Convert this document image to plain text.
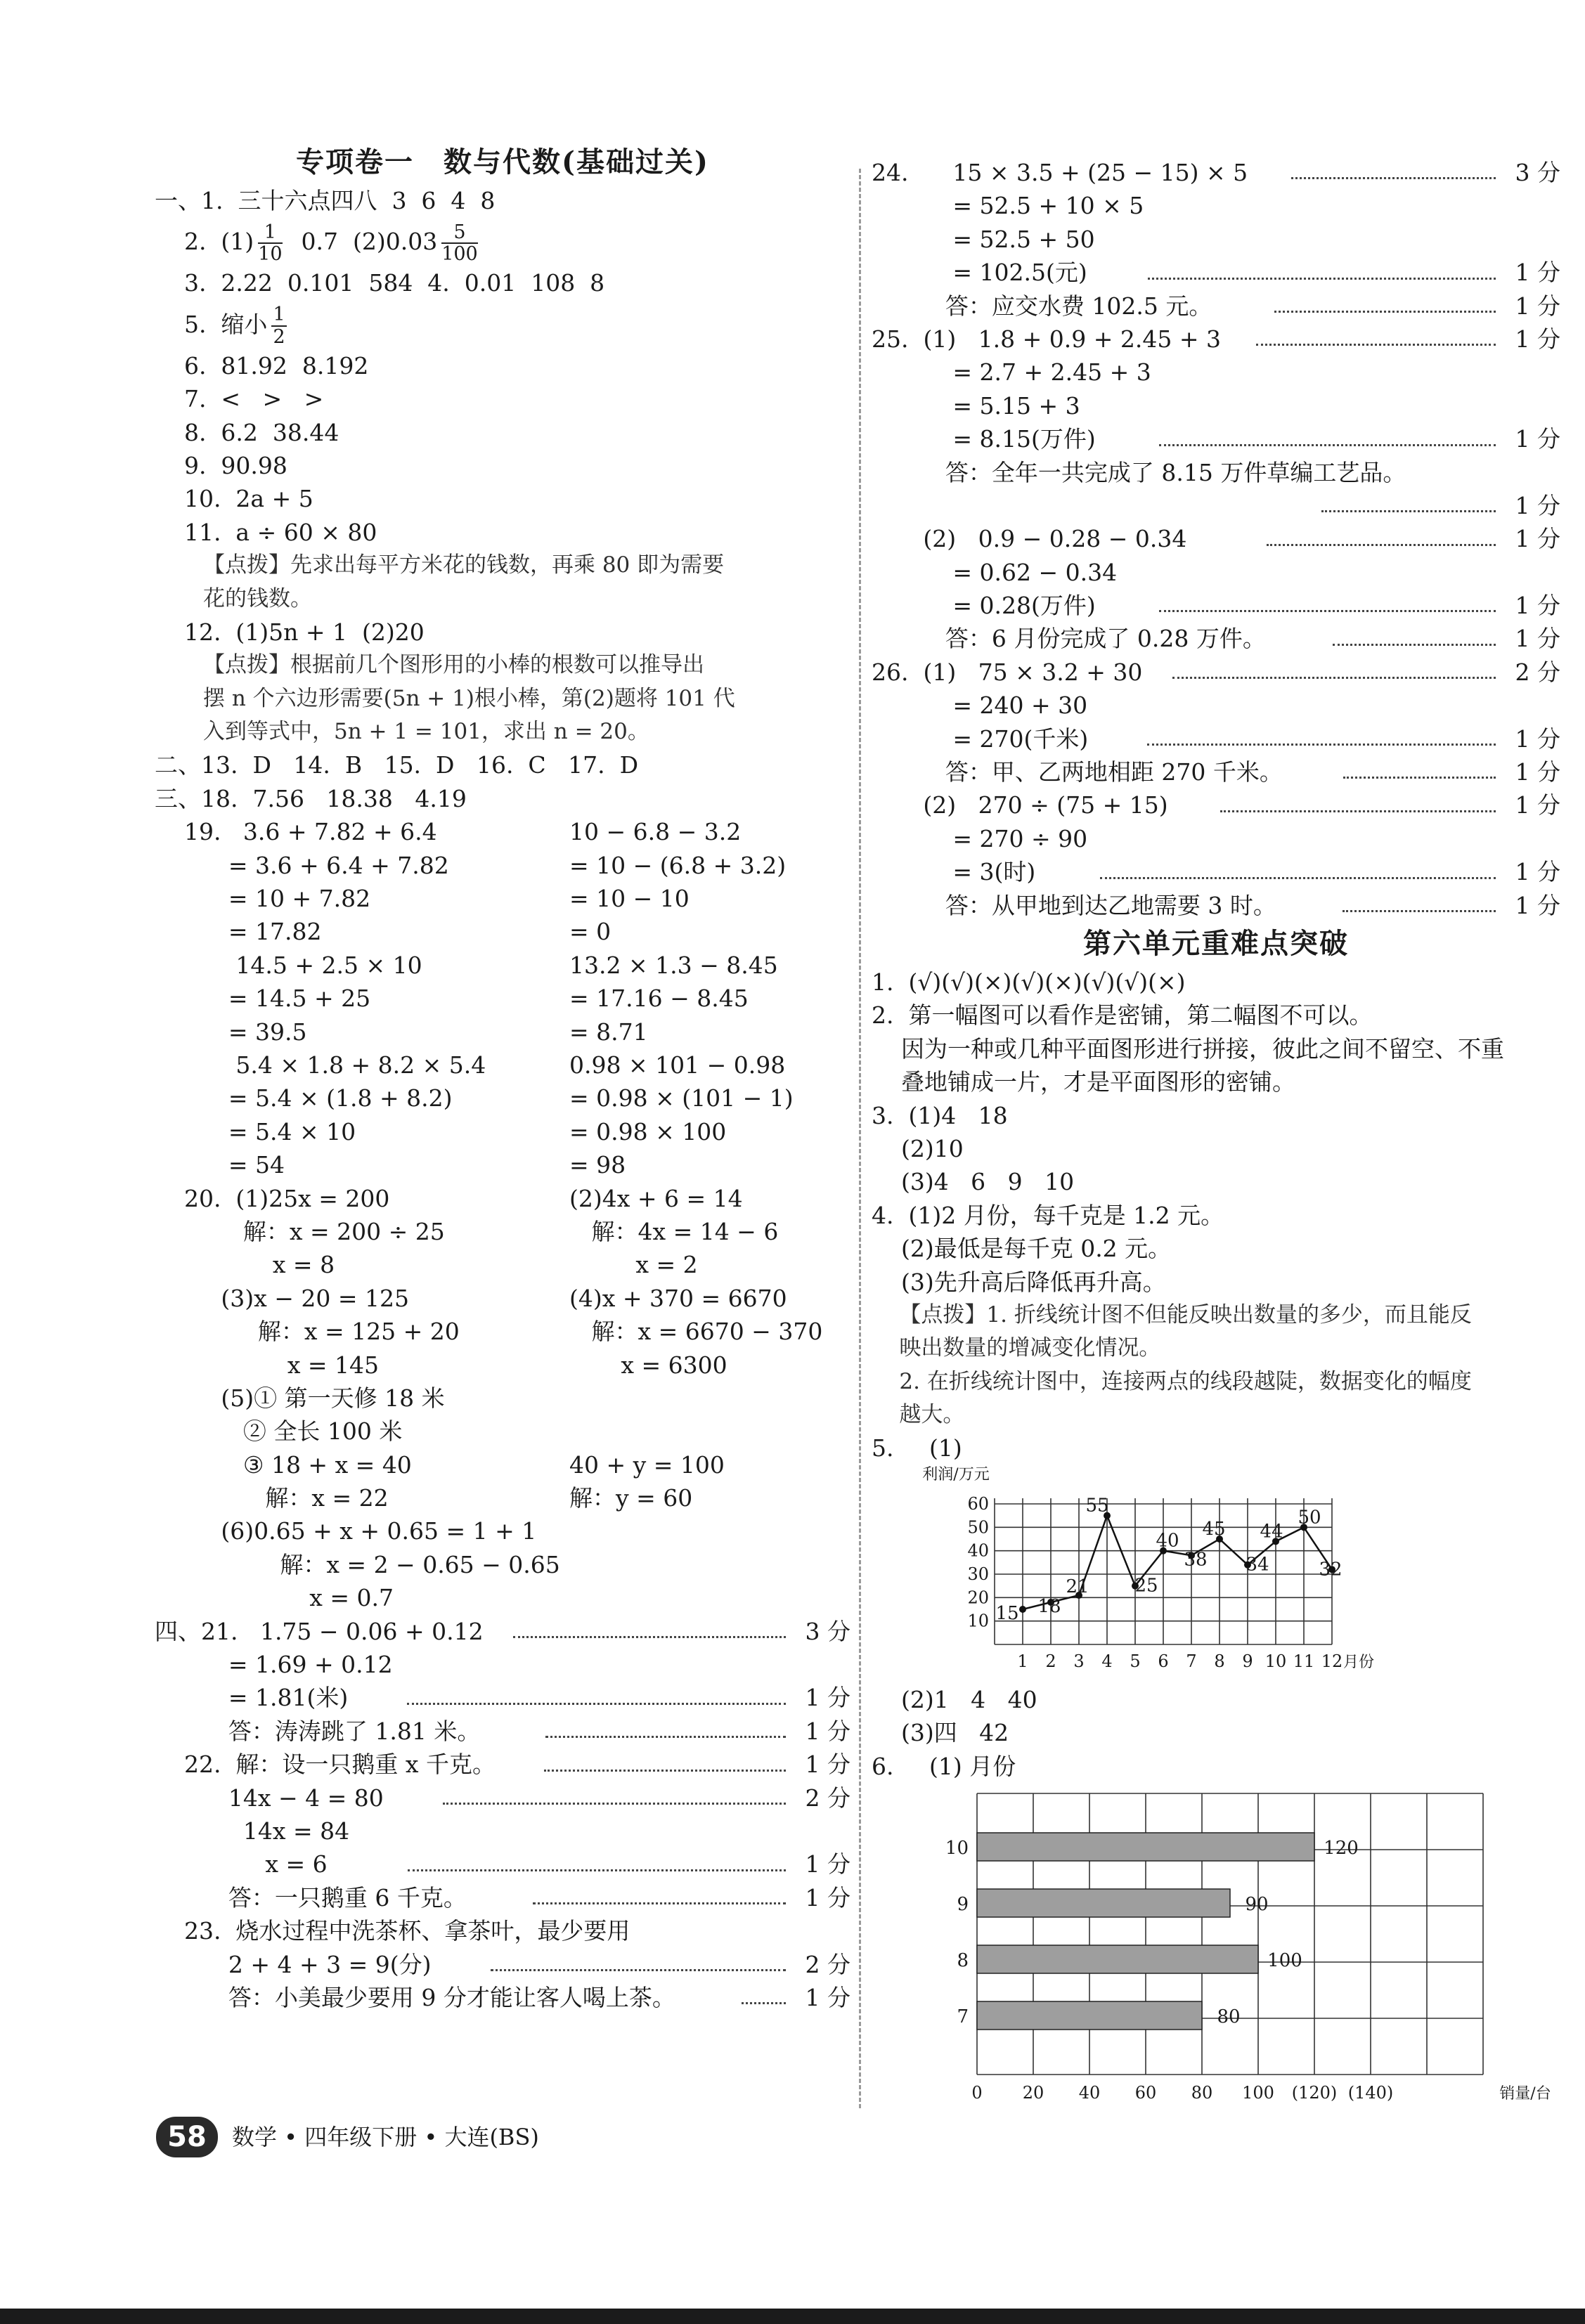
专项卷一　数与代数(基础过关)
一、1.  三十六点四八  3  6  4  8
2.  $(1) \frac{1}{10} 0.7$  $(2)0.03 \frac{5}{100}$
3.  2.22  0.101  584  4.  0.01  108  8
5.  缩小 $\frac{1}{2}$
6.  81.92  8.192
7.  <   >   >
8.  6.2  38.44
9.  90.98
10.  2a + 5
11.  a ÷ 60 × 80
【点拨】先求出每平方米花的钱数，再乘 80 即为需要
花的钱数。
12.  (1)5n + 1  (2)20
【点拨】根据前几个图形用的小棒的根数可以推导出
摆 n 个六边形需要(5n + 1)根小棒，第(2)题将 101 代
入到等式中，5n + 1 = 101，求出 n = 20。
二、13.  D   14.  B   15.  D   16.  C   17.  D
三、18.  7.56   18.38   4.19
19.   3.6 + 7.82 + 6.4	10 − 6.8 − 3.2
= 3.6 + 6.4 + 7.82	= 10 − (6.8 + 3.2)
= 10 + 7.82	= 10 − 10
= 17.82	= 0
14.5 + 2.5 × 10	13.2 × 1.3 − 8.45
= 14.5 + 25	= 17.16 − 8.45
= 39.5	= 8.71
5.4 × 1.8 + 8.2 × 5.4	0.98 × 101 − 0.98
= 5.4 × (1.8 + 8.2)	= 0.98 × (101 − 1)
= 5.4 × 10	= 0.98 × 100
= 54	= 98
20.  (1)25x = 200	(2)4x + 6 = 14
解：x = 200 ÷ 25	解：4x = 14 − 6
x = 8	x = 2
(3)x − 20 = 125	(4)x + 370 = 6670
解：x = 125 + 20	解：x = 6670 − 370
x = 145	x = 6300
(5)① 第一天修 18 米
② 全长 100 米
③ 18 + x = 40	40 + y = 100
解：x = 22	解：y = 60
(6)0.65 + x + 0.65 = 1 + 1
解：x = 2 − 0.65 − 0.65
x = 0.7
四、21.   1.75 − 0.06 + 0.12	3 分
= 1.69 + 0.12
= 1.81(米)	1 分
答：涛涛跳了 1.81 米。	1 分
22.  解：设一只鹅重 x 千克。	1 分
14x − 4 = 80	2 分
14x = 84
x = 6	1 分
答：一只鹅重 6 千克。	1 分
23.  烧水过程中洗茶杯、拿茶叶，最少要用
2 + 4 + 3 = 9(分)	2 分
答：小美最少要用 9 分才能让客人喝上茶。	1 分
24.      15 × 3.5 + (25 − 15) × 5	3 分
= 52.5 + 10 × 5
= 52.5 + 50
= 102.5(元)	1 分
答：应交水费 102.5 元。	1 分
25.  (1)   1.8 + 0.9 + 2.45 + 3	1 分
= 2.7 + 2.45 + 3
= 5.15 + 3
= 8.15(万件)	1 分
答：全年一共完成了 8.15 万件草编工艺品。
1 分
(2)   0.9 − 0.28 − 0.34	1 分
= 0.62 − 0.34
= 0.28(万件)	1 分
答：6 月份完成了 0.28 万件。	1 分
26.  (1)   75 × 3.2 + 30	2 分
= 240 + 30
= 270(千米)	1 分
答：甲、乙两地相距 270 千米。	1 分
(2)   270 ÷ (75 + 15)	1 分
= 270 ÷ 90
= 3(时)	1 分
答：从甲地到达乙地需要 3 时。	1 分
第六单元重难点突破
1.  (√)(√)(×)(√)(×)(√)(√)(×)
2.  第一幅图可以看作是密铺，第二幅图不可以。
因为一种或几种平面图形进行拼接，彼此之间不留空、不重
叠地铺成一片，才是平面图形的密铺。
3.  (1)4   18
(2)10
(3)4   6   9   10
4.  (1)2 月份，每千克是 1.2 元。
(2)最低是每千克 0.2 元。
(3)先升高后降低再升高。
【点拨】1. 折线统计图不但能反映出数量的多少，而且能反
映出数量的增减变化情况。
2. 在折线统计图中，连接两点的线段越陡，数据变化的幅度
越大。
5. (1)
利润/万元
10
20
30
40
50
60
1 2 3 4 5 6 7 8 9 10 11 12 月份
15 18
21
55
25
40
38
45
34
44
50
32
(2)1   4   40
(3)四   42
6. (1) 月份
10	120
9	90
8	100
7	80
0 20 40 60 80 100 (120) (140)	销量/台
58	数学 • 四年级下册 • 大连(BS)
